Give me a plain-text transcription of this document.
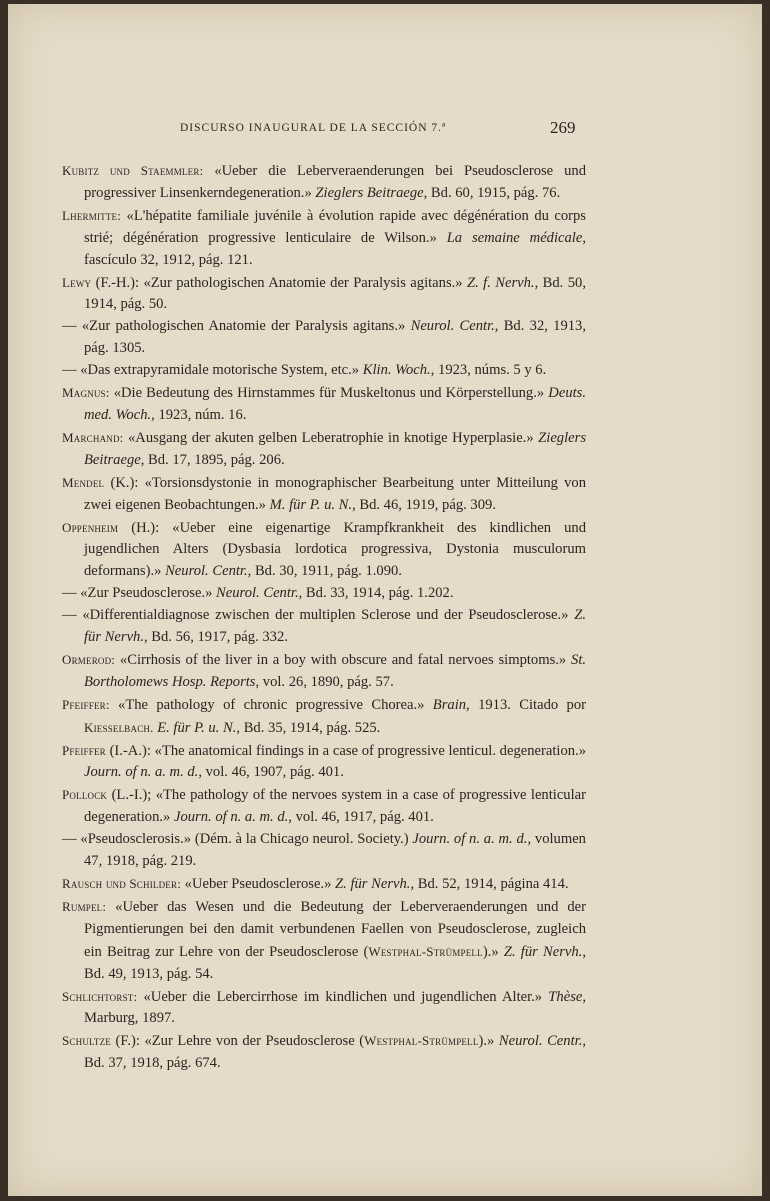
DISCURSO INAUGURAL DE LA SECCIÓN 7.ª	269

Kubitz und Staemmler: «Ueber die Leberveraenderungen bei Pseudosclerose und progressiver Linsenkerndegeneration.» Zieglers Beitraege, Bd. 60, 1915, pág. 76.

Lhermitte: «L'hépatite familiale juvénile à évolution rapide avec dégénération du corps strié; dégénération progressive lenticulaire de Wilson.» La semaine médicale, fascículo 32, 1912, pág. 121.

Lewy (F.-H.): «Zur pathologischen Anatomie der Paralysis agitans.» Z. f. Nervh., Bd. 50, 1914, pág. 50.

— «Zur pathologischen Anatomie der Paralysis agitans.» Neurol. Centr., Bd. 32, 1913, pág. 1305.

— «Das extrapyramidale motorische System, etc.» Klin. Woch., 1923, núms. 5 y 6.

Magnus: «Die Bedeutung des Hirnstammes für Muskeltonus und Körperstellung.» Deuts. med. Woch., 1923, núm. 16.

Marchand: «Ausgang der akuten gelben Leberatrophie in knotige Hyperplasie.» Zieglers Beitraege, Bd. 17, 1895, pág. 206.

Mendel (K.): «Torsionsdystonie in monographischer Bearbeitung unter Mitteilung von zwei eigenen Beobachtungen.» M. für P. u. N., Bd. 46, 1919, pág. 309.

Oppenheim (H.): «Ueber eine eigenartige Krampfkrankheit des kindlichen und jugendlichen Alters (Dysbasia lordotica progressiva, Dystonia musculorum deformans).» Neurol. Centr., Bd. 30, 1911, pág. 1.090.

— «Zur Pseudosclerose.» Neurol. Centr., Bd. 33, 1914, pág. 1.202.

— «Differentialdiagnose zwischen der multiplen Sclerose und der Pseudosclerose.» Z. für Nervh., Bd. 56, 1917, pág. 332.

Ormerod: «Cirrhosis of the liver in a boy with obscure and fatal nervoes simptoms.» St. Bortholomews Hosp. Reports, vol. 26, 1890, pág. 57.

Pfeiffer: «The pathology of chronic progressive Chorea.» Brain, 1913. Citado por Kiesselbach. E. für P. u. N., Bd. 35, 1914, pág. 525.

Pfeiffer (I.-A.): «The anatomical findings in a case of progressive lenticul. degeneration.» Journ. of n. a. m. d., vol. 46, 1907, pág. 401.

Pollock (L.-I.); «The pathology of the nervoes system in a case of progressive lenticular degeneration.» Journ. of n. a. m. d., vol. 46, 1917, pág. 401.

— «Pseudosclerosis.» (Dém. à la Chicago neurol. Society.) Journ. of n. a. m. d., volumen 47, 1918, pág. 219.

Rausch und Schilder: «Ueber Pseudosclerose.» Z. für Nervh., Bd. 52, 1914, página 414.

Rumpel: «Ueber das Wesen und die Bedeutung der Leberveraenderungen und der Pigmentierungen bei den damit verbundenen Faellen von Pseudosclerose, zugleich ein Beitrag zur Lehre von der Pseudosclerose (Westphal-Strümpell).» Z. für Nervh., Bd. 49, 1913, pág. 54.

Schlichtorst: «Ueber die Lebercirrhose im kindlichen und jugendlichen Alter.» Thèse, Marburg, 1897.

Schultze (F.): «Zur Lehre von der Pseudosclerose (Westphal-Strümpell).» Neurol. Centr., Bd. 37, 1918, pág. 674.
